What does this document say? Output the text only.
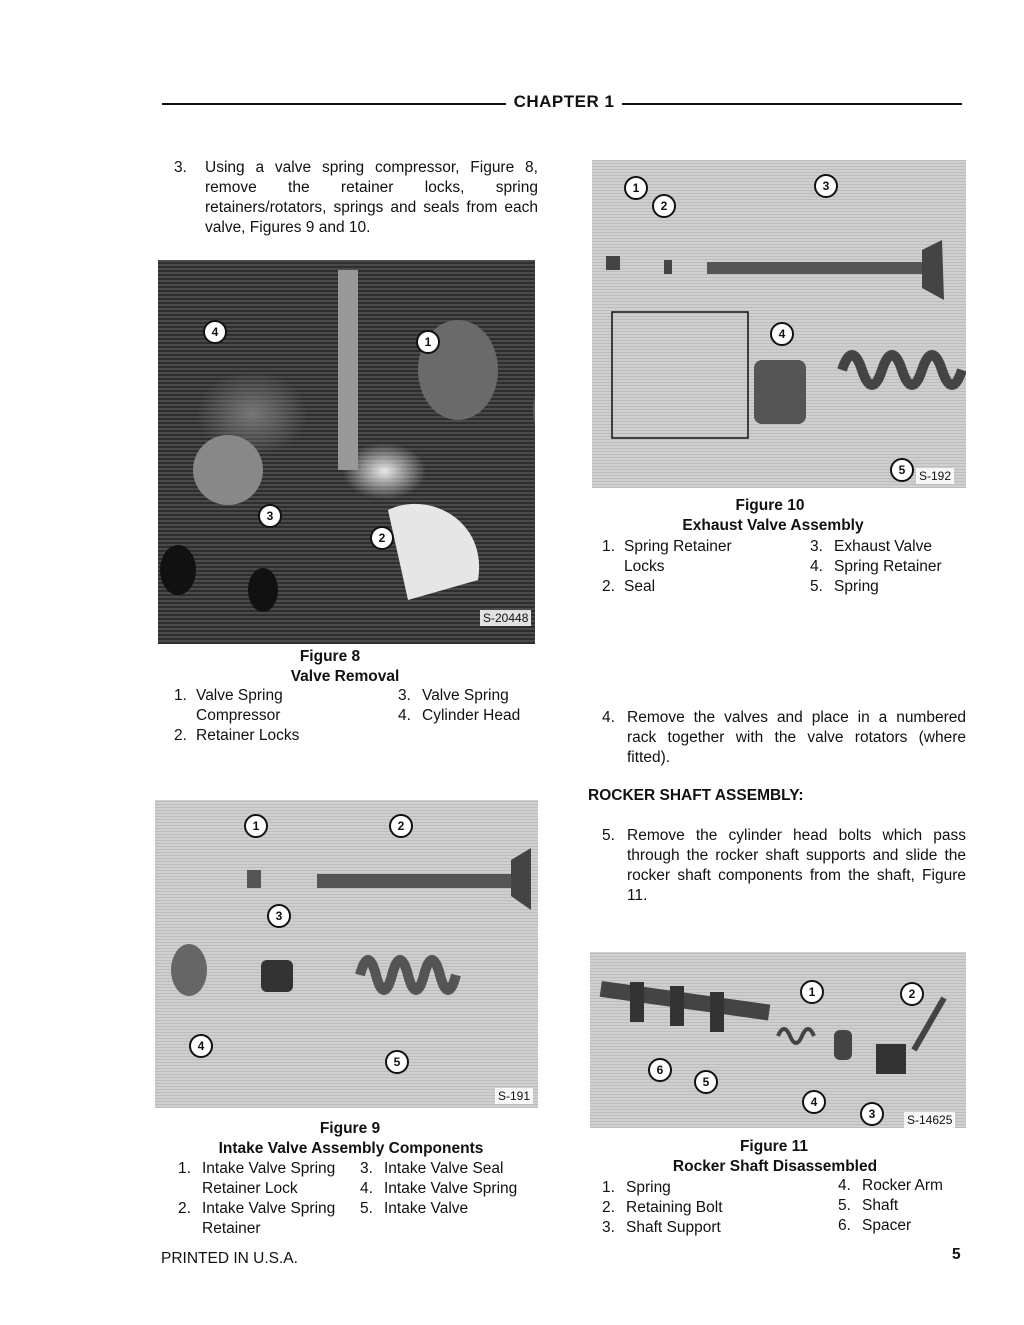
CHAPTER 1
3. Using a valve spring compressor, Figure 8, remove the retainer locks, spring retainers/rotators, springs and seals from each valve, Figures 9 and 10.
4
1
3
2
S-20448
Figure 8
Valve Removal
1. Valve Spring
Compressor
2. Retainer Locks
3. Valve Spring
4. Cylinder Head
1
2
3
4
5	S-192
Figure 10
Exhaust Valve Assembly
1. Spring Retainer
Locks
2. Seal
3. Exhaust Valve
4. Spring Retainer
5. Spring
4. Remove the valves and place in a numbered rack together with the valve rotators (where fitted).
ROCKER SHAFT ASSEMBLY:
5. Remove the cylinder head bolts which pass through the rocker shaft supports and slide the rocker shaft components from the shaft, Figure 11.
1	2
3
4
5
S-191
Figure 9
Intake Valve Assembly Components
1. Intake Valve Spring
Retainer Lock
2. Intake Valve Spring
Retainer
3. Intake Valve Seal
4. Intake Valve Spring
5. Intake Valve
1	2
6
5
4
3	S-14625
Figure 11
Rocker Shaft Disassembled
1. Spring
2. Retaining Bolt
3. Shaft Support
4. Rocker Arm
5. Shaft
6. Spacer
PRINTED IN U.S.A.	5
